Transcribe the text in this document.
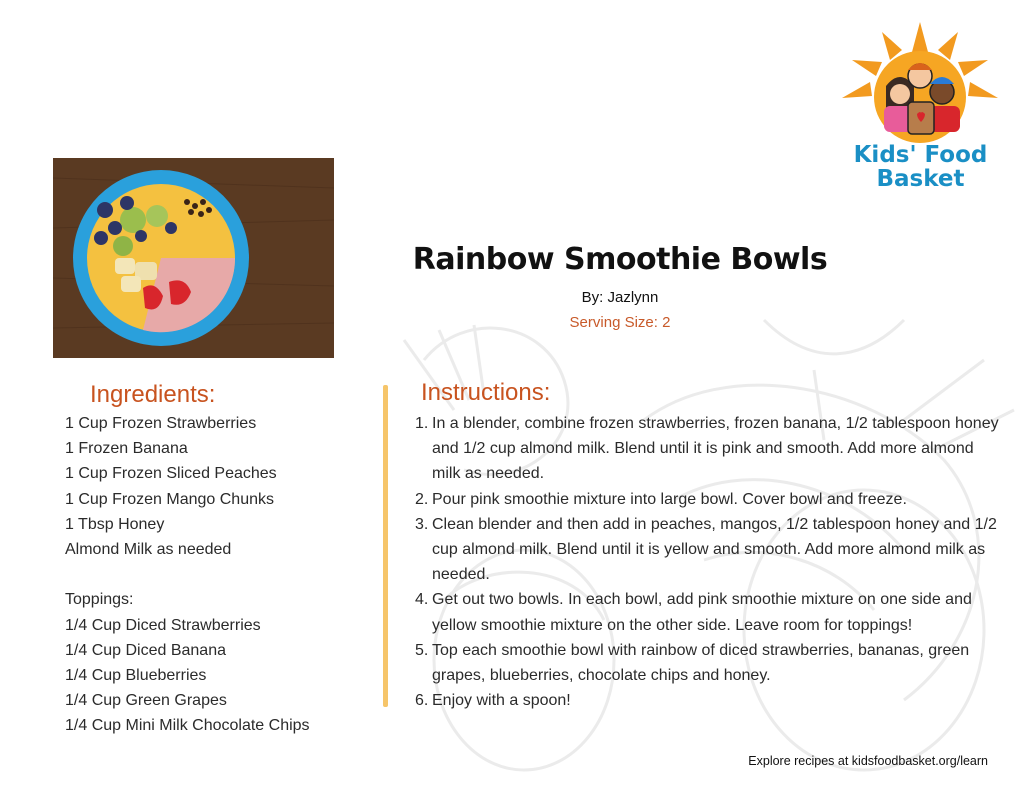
Kids' Food Basket
Rainbow Smoothie Bowls
By: Jazlynn
Serving Size: 2
Ingredients:
1 Cup Frozen Strawberries
1 Frozen Banana
1 Cup Frozen Sliced Peaches
1 Cup Frozen Mango Chunks
1 Tbsp Honey
Almond Milk as needed
Toppings:
1/4 Cup Diced Strawberries
1/4 Cup Diced Banana
1/4 Cup Blueberries
1/4 Cup Green Grapes
1/4 Cup Mini Milk Chocolate Chips
Instructions:
1. In a blender, combine frozen strawberries, frozen banana, 1/2 tablespoon honey and 1/2 cup almond milk. Blend until it is pink and smooth. Add more almond milk as needed.
2. Pour pink smoothie mixture into large bowl. Cover bowl and freeze.
3. Clean blender and then add in peaches, mangos, 1/2 tablespoon honey and 1/2 cup almond milk. Blend until it is yellow and smooth. Add more almond milk as needed.
4. Get out two bowls. In each bowl, add pink smoothie mixture on one side and yellow smoothie mixture on the other side. Leave room for toppings!
5. Top each smoothie bowl with rainbow of diced strawberries, bananas, green grapes, blueberries, chocolate chips and honey.
6. Enjoy with a spoon!
Explore recipes at kidsfoodbasket.org/learn
